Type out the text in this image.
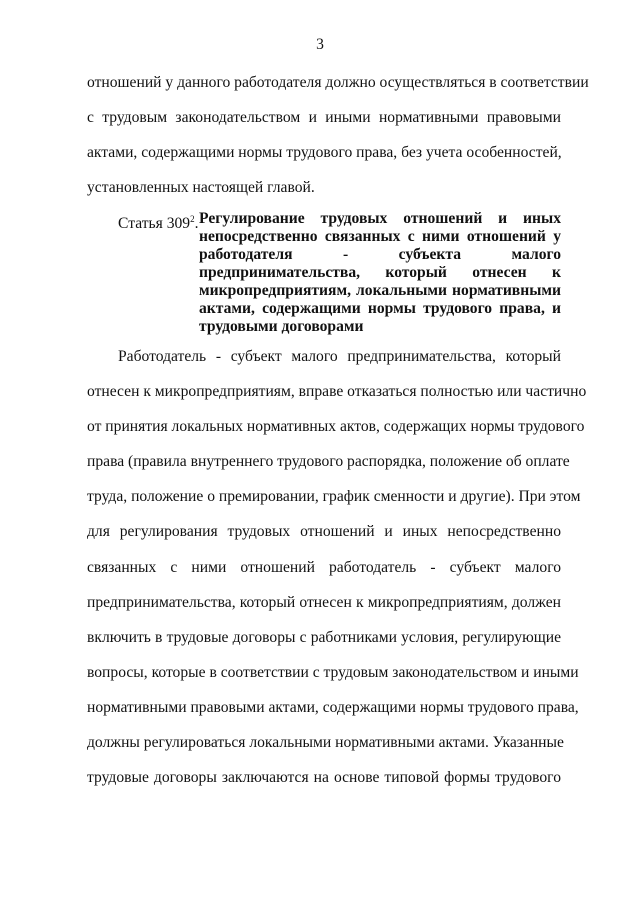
3
отношений у данного работодателя должно осуществляться в соответствии
с трудовым законодательством и иными нормативными правовыми
актами, содержащими нормы трудового права, без учета особенностей,
установленных настоящей главой.
Статья $309^2$. Регулирование трудовых отношений и иных
непосредственно связанных с ними отношений у
работодателя - субъекта малого
предпринимательства, который отнесен к
микропредприятиям, локальными нормативными
актами, содержащими нормы трудового права, и
трудовыми договорами
Работодатель - субъект малого предпринимательства, который
отнесен к микропредприятиям, вправе отказаться полностью или частично
от принятия локальных нормативных актов, содержащих нормы трудового
права (правила внутреннего трудового распорядка, положение об оплате
труда, положение о премировании, график сменности и другие). При этом
для регулирования трудовых отношений и иных непосредственно
связанных с ними отношений работодатель - субъект малого
предпринимательства, который отнесен к микропредприятиям, должен
включить в трудовые договоры с работниками условия, регулирующие
вопросы, которые в соответствии с трудовым законодательством и иными
нормативными правовыми актами, содержащими нормы трудового права,
должны регулироваться локальными нормативными актами. Указанные
трудовые договоры заключаются на основе типовой формы трудового
